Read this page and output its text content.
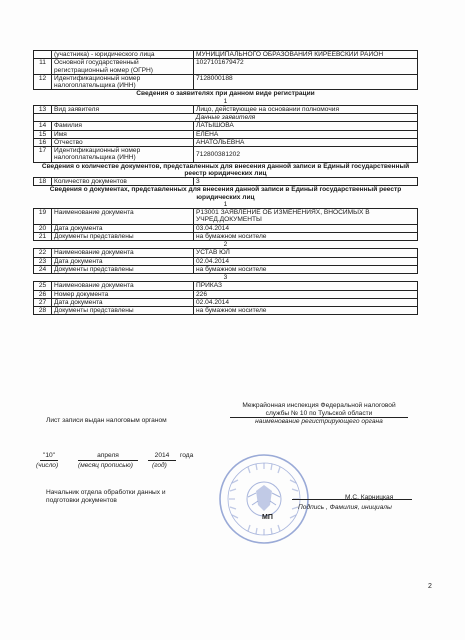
	(участника) - юридического лица	МУНИЦИПАЛЬНОГО ОБРАЗОВАНИЯ КИРЕЕВСКИЙ РАЙОН
11	Основной государственный регистрационный номер (ОГРН)	1027101679472
12	Идентификационный номер налогоплательщика (ИНН)	7128000188
Сведения о заявителях при данном виде регистрации		
1		
13	Вид заявителя	Лицо, действующее на основании полномочия
Данные заявителя		
14	Фамилия	ЛАТЫШОВА
15	Имя	ЕЛЕНА
16	Отчество	АНАТОЛЬЕВНА
17	Идентификационный номер налогоплательщика (ИНН)	712800381202
Сведения о количестве документов, представленных для внесения данной записи в Единый государственный реестр юридических лиц		
18	Количество документов	3
Сведения о документах, представленных для внесения данной записи в Единый государственный реестр юридических лиц		
1		
19	Наименование документа	Р13001 ЗАЯВЛЕНИЕ ОБ ИЗМЕНЕНИЯХ, ВНОСИМЫХ В УЧРЕД.ДОКУМЕНТЫ
20	Дата документа	03.04.2014
21	Документы представлены	на бумажном носителе
2		
22	Наименование документа	УСТАВ ЮЛ
23	Дата документа	02.04.2014
24	Документы представлены	на бумажном носителе
3		
25	Наименование документа	ПРИКАЗ
26	Номер документа	226
27	Дата документа	02.04.2014
28	Документы представлены	на бумажном носителе
Лист записи выдан налоговым органом
Межрайонная инспекция Федеральной налоговой службы № 10 по Тульской области
наименование регистрирующего органа
"10"	апреля	2014	года
(число)	(месяц прописью)	(год)
Начальник отдела обработки данных и подготовки документов	М.С. Карницкая
Подпись , Фамилия, инициалы
МП
2
